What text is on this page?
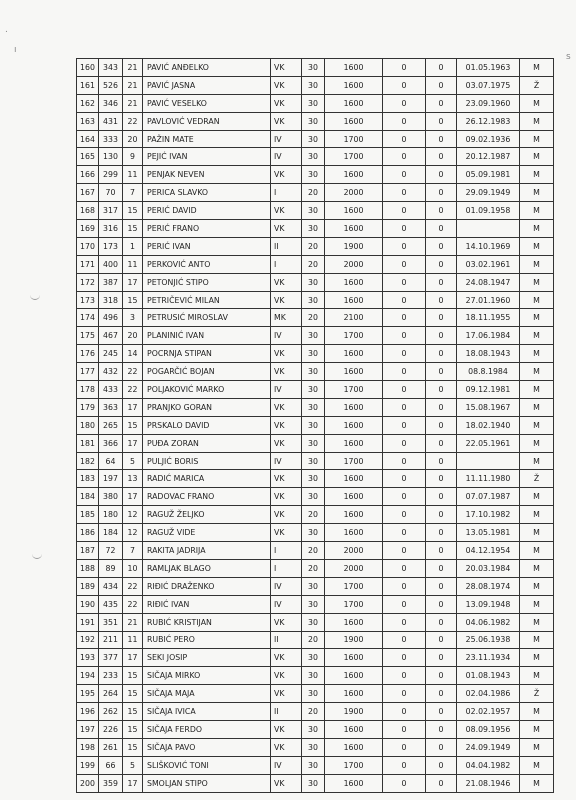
.
ı
s
160	343	21	PAVIĆ ANĐELKO	VK	30	1600	0	0	01.05.1963	M
161	526	21	PAVIĆ JASNA	VK	30	1600	0	0	03.07.1975	Ž
162	346	21	PAVIĆ VESELKO	VK	30	1600	0	0	23.09.1960	M
163	431	22	PAVLOVIĆ VEDRAN	VK	30	1600	0	0	26.12.1983	M
164	333	20	PAŽIN MATE	IV	30	1700	0	0	09.02.1936	M
165	130	9	PEJIĆ IVAN	IV	30	1700	0	0	20.12.1987	M
166	299	11	PENJAK NEVEN	VK	30	1600	0	0	05.09.1981	M
167	70	7	PERICA SLAVKO	I	20	2000	0	0	29.09.1949	M
168	317	15	PERIĆ DAVID	VK	30	1600	0	0	01.09.1958	M
169	316	15	PERIĆ FRANO	VK	30	1600	0	0		M
170	173	1	PERIĆ IVAN	II	20	1900	0	0	14.10.1969	M
171	400	11	PERKOVIĆ ANTO	I	20	2000	0	0	03.02.1961	M
172	387	17	PETONJIĆ STIPO	VK	30	1600	0	0	24.08.1947	M
173	318	15	PETRIČEVIĆ MILAN	VK	30	1600	0	0	27.01.1960	M
174	496	3	PETRUSIĆ MIROSLAV	MK	20	2100	0	0	18.11.1955	M
175	467	20	PLANINIĆ IVAN	IV	30	1700	0	0	17.06.1984	M
176	245	14	POCRNJA STIPAN	VK	30	1600	0	0	18.08.1943	M
177	432	22	POGARČIĆ BOJAN	VK	30	1600	0	0	08.8.1984	M
178	433	22	POLJAKOVIĆ MARKO	IV	30	1700	0	0	09.12.1981	M
179	363	17	PRANJKO GORAN	VK	30	1600	0	0	15.08.1967	M
180	265	15	PRSKALO DAVID	VK	30	1600	0	0	18.02.1940	M
181	366	17	PUĐA ZORAN	VK	30	1600	0	0	22.05.1961	M
182	64	5	PULJIĆ BORIS	IV	30	1700	0	0		M
183	197	13	RADIĆ MARICA	VK	30	1600	0	0	11.11.1980	Ž
184	380	17	RADOVAC FRANO	VK	30	1600	0	0	07.07.1987	M
185	180	12	RAGUŽ ŽELJKO	VK	20	1600	0	0	17.10.1982	M
186	184	12	RAGUŽ VIDE	VK	30	1600	0	0	13.05.1981	M
187	72	7	RAKITA JADRIJA	I	20	2000	0	0	04.12.1954	M
188	89	10	RAMLJAK BLAGO	I	20	2000	0	0	20.03.1984	M
189	434	22	RIĐIĆ DRAŽENKO	IV	30	1700	0	0	28.08.1974	M
190	435	22	RIĐIĆ IVAN	IV	30	1700	0	0	13.09.1948	M
191	351	21	RUBIĆ KRISTIJAN	VK	30	1600	0	0	04.06.1982	M
192	211	11	RUBIĆ PERO	II	20	1900	0	0	25.06.1938	M
193	377	17	SEKI JOSIP	VK	30	1600	0	0	23.11.1934	M
194	233	15	SIČAJA MIRKO	VK	30	1600	0	0	01.08.1943	M
195	264	15	SIČAJA MAJA	VK	30	1600	0	0	02.04.1986	Ž
196	262	15	SIČAJA IVICA	II	20	1900	0	0	02.02.1957	M
197	226	15	SIČAJA FERDO	VK	30	1600	0	0	08.09.1956	M
198	261	15	SIČAJA PAVO	VK	30	1600	0	0	24.09.1949	M
199	66	5	SLIŠKOVIĆ TONI	IV	30	1700	0	0	04.04.1982	M
200	359	17	SMOLJAN STIPO	VK	30	1600	0	0	21.08.1946	M
